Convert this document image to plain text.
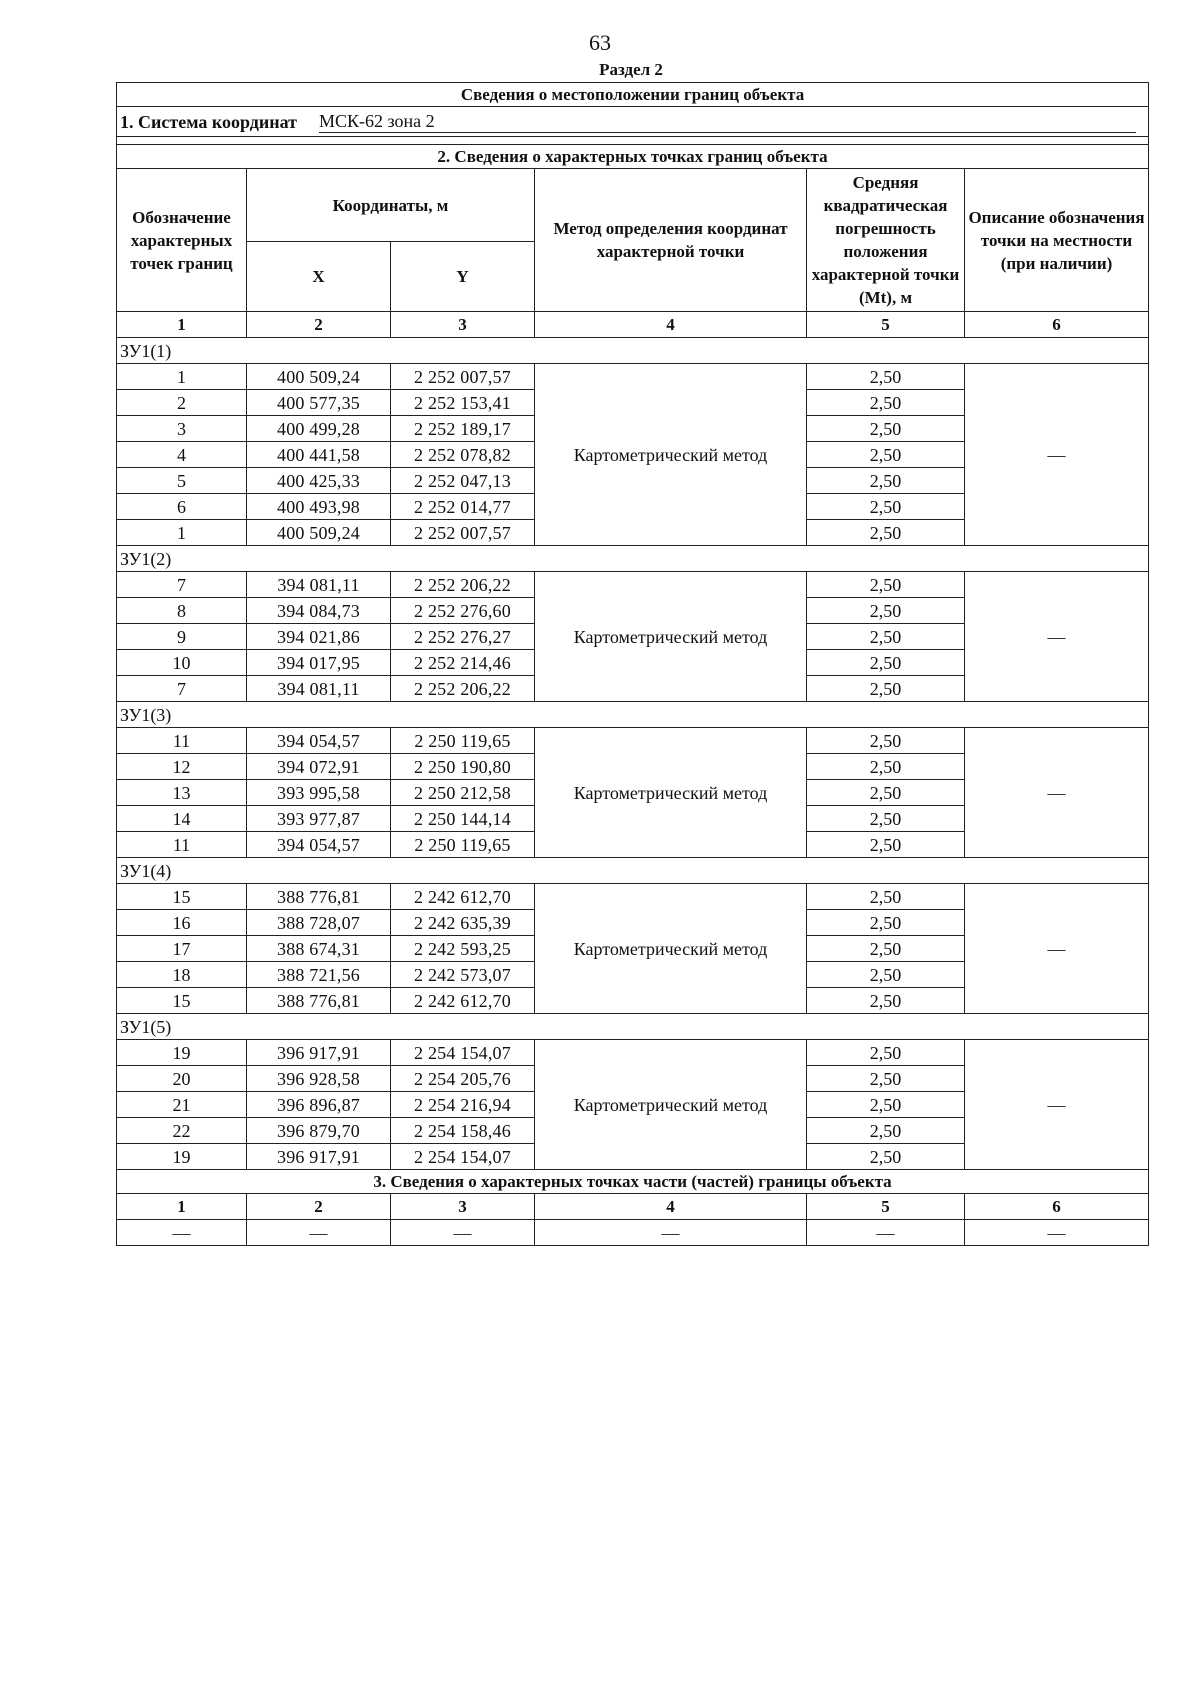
63
Раздел 2
Сведения о местоположении границ объекта					

1. Система координат МСК-62 зона 2					

2. Сведения о характерных точках границ объекта					
Обозначение характерных точек границ	Координаты, м		Метод определения координат характерной точки	Средняя квадратическая погрешность положения характерной точки (Mt), м	Описание обозначения точки на местности (при наличии)
	X	Y			
1	2	3	4	5	6
ЗУ1(1)					
1	400 509,24	2 252 007,57	Картометрический метод	2,50	—
2	400 577,35	2 252 153,41		2,50	
3	400 499,28	2 252 189,17		2,50	
4	400 441,58	2 252 078,82		2,50	
5	400 425,33	2 252 047,13		2,50	
6	400 493,98	2 252 014,77		2,50	
1	400 509,24	2 252 007,57		2,50	
ЗУ1(2)					
7	394 081,11	2 252 206,22	Картометрический метод	2,50	—
8	394 084,73	2 252 276,60		2,50	
9	394 021,86	2 252 276,27		2,50	
10	394 017,95	2 252 214,46		2,50	
7	394 081,11	2 252 206,22		2,50	
ЗУ1(3)					
11	394 054,57	2 250 119,65	Картометрический метод	2,50	—
12	394 072,91	2 250 190,80		2,50	
13	393 995,58	2 250 212,58		2,50	
14	393 977,87	2 250 144,14		2,50	
11	394 054,57	2 250 119,65		2,50	
ЗУ1(4)					
15	388 776,81	2 242 612,70	Картометрический метод	2,50	—
16	388 728,07	2 242 635,39		2,50	
17	388 674,31	2 242 593,25		2,50	
18	388 721,56	2 242 573,07		2,50	
15	388 776,81	2 242 612,70		2,50	
ЗУ1(5)					
19	396 917,91	2 254 154,07	Картометрический метод	2,50	—
20	396 928,58	2 254 205,76		2,50	
21	396 896,87	2 254 216,94		2,50	
22	396 879,70	2 254 158,46		2,50	
19	396 917,91	2 254 154,07		2,50	
3. Сведения о характерных точках части (частей) границы объекта					
1	2	3	4	5	6
—	—	—	—	—	—
